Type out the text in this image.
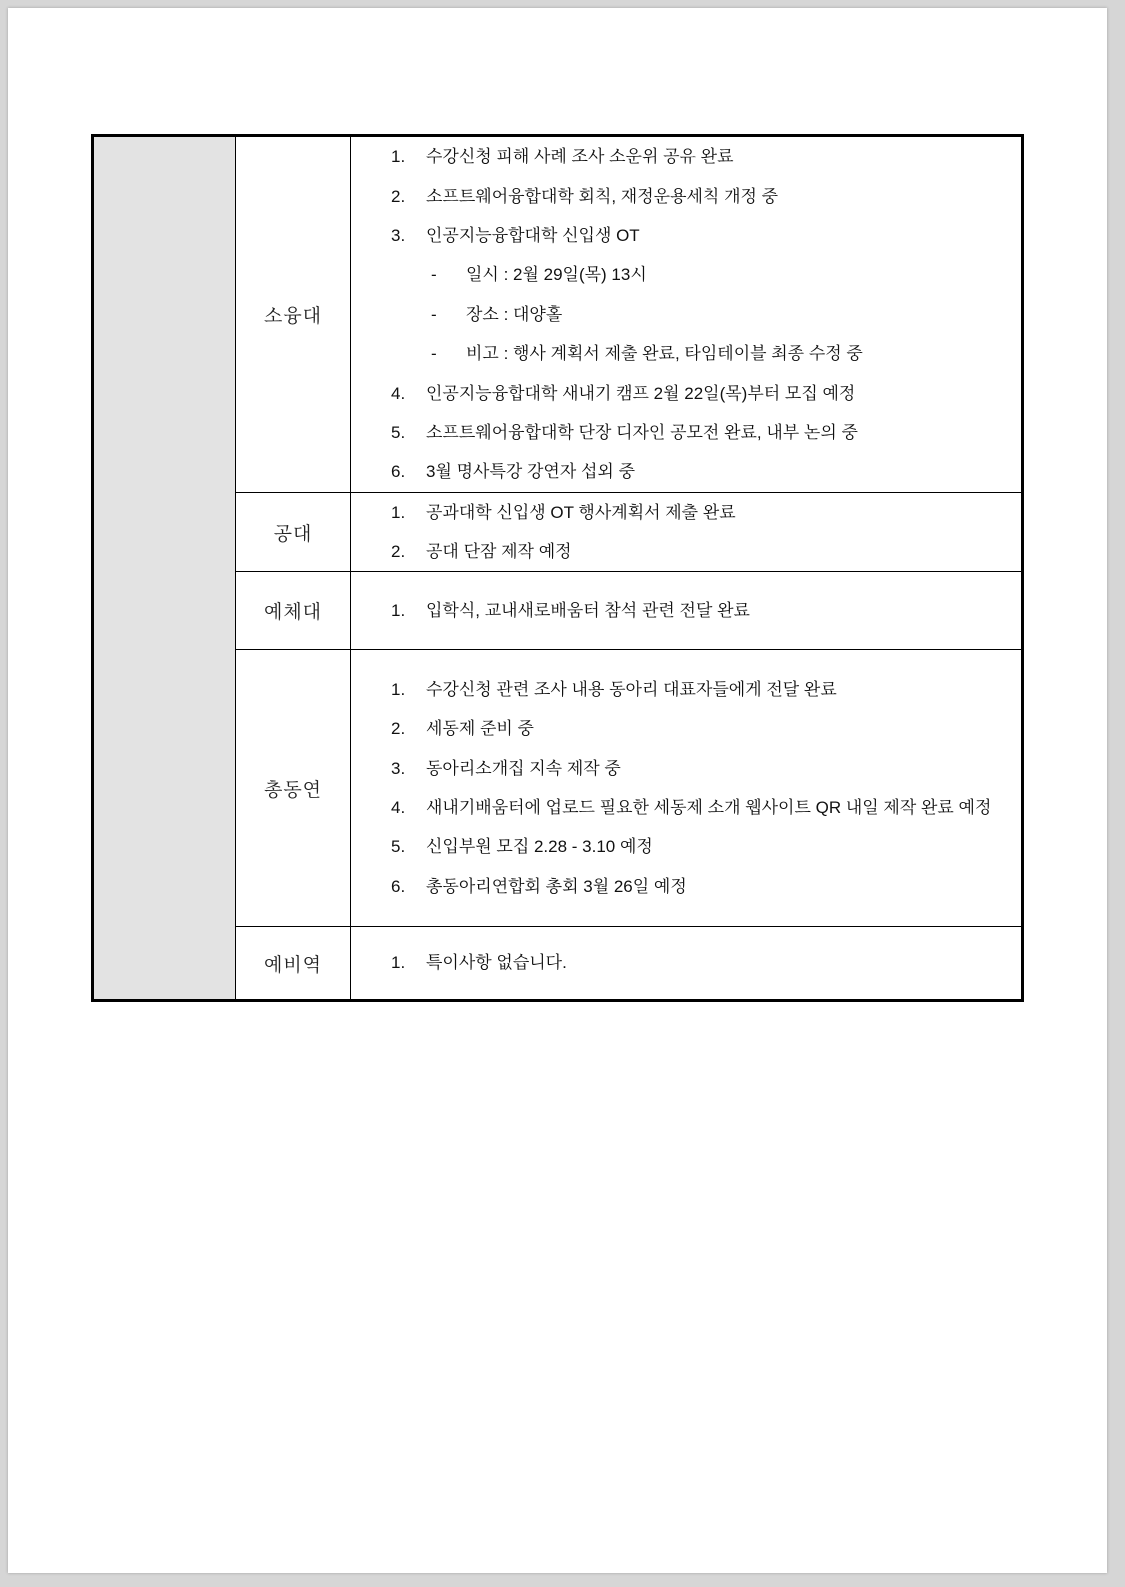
소융대
1.	수강신청 피해 사례 조사 소운위 공유 완료
2.	소프트웨어융합대학 회칙, 재정운용세칙 개정 중
3.	인공지능융합대학 신입생 OT
-	일시 : 2월 29일(목) 13시
-	장소 : 대양홀
-	비고 : 행사 계획서 제출 완료, 타임테이블 최종 수정 중
4.	인공지능융합대학 새내기 캠프 2월 22일(목)부터 모집 예정
5.	소프트웨어융합대학 단장 디자인 공모전 완료, 내부 논의 중
6.	3월 명사특강 강연자 섭외 중
공대
1.	공과대학 신입생 OT 행사계획서 제출 완료
2.	공대 단잠 제작 예정
예체대	1.	입학식, 교내새로배움터 참석 관련 전달 완료
총동연
1.	수강신청 관련 조사 내용 동아리 대표자들에게 전달 완료
2.	세동제 준비 중
3.	동아리소개집 지속 제작 중
4.	새내기배움터에 업로드 필요한 세동제 소개 웹사이트 QR 내일 제작 완료 예정
5.	신입부원 모집 2.28 - 3.10 예정
6.	총동아리연합회 총회 3월 26일 예정
예비역	1.	특이사항 없습니다.
